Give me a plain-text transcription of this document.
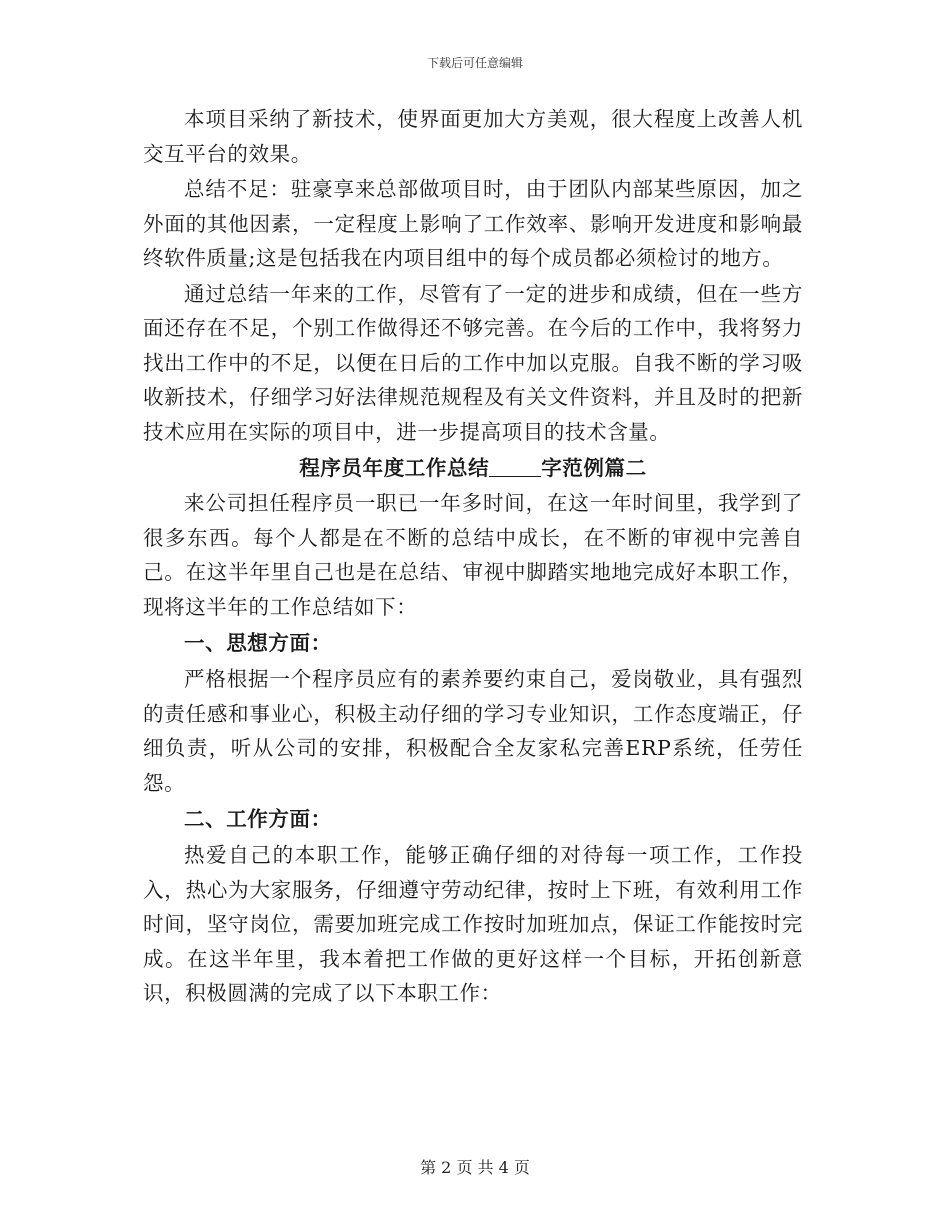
下载后可任意编辑

本项目采纳了新技术，使界面更加大方美观，很大程度上改善人机交互平台的效果。

总结不足：驻豪享来总部做项目时，由于团队内部某些原因，加之外面的其他因素，一定程度上影响了工作效率、影响开发进度和影响最终软件质量;这是包括我在内项目组中的每个成员都必须检讨的地方。

通过总结一年来的工作，尽管有了一定的进步和成绩，但在一些方面还存在不足，个别工作做得还不够完善。在今后的工作中，我将努力找出工作中的不足，以便在日后的工作中加以克服。自我不断的学习吸收新技术，仔细学习好法律规范规程及有关文件资料，并且及时的把新技术应用在实际的项目中，进一步提高项目的技术含量。

程序员年度工作总结	字范例篇二

来公司担任程序员一职已一年多时间，在这一年时间里，我学到了很多东西。每个人都是在不断的总结中成长，在不断的审视中完善自己。在这半年里自己也是在总结、审视中脚踏实地地完成好本职工作，现将这半年的工作总结如下：

一、思想方面：

严格根据一个程序员应有的素养要约束自己，爱岗敬业，具有强烈的责任感和事业心，积极主动仔细的学习专业知识，工作态度端正，仔细负责，听从公司的安排，积极配合全友家私完善ERP系统，任劳任怨。

二、工作方面：

热爱自己的本职工作，能够正确仔细的对待每一项工作，工作投入，热心为大家服务，仔细遵守劳动纪律，按时上下班，有效利用工作时间，坚守岗位，需要加班完成工作按时加班加点，保证工作能按时完成。在这半年里，我本着把工作做的更好这样一个目标，开拓创新意识，积极圆满的完成了以下本职工作：

第 2 页 共 4 页
